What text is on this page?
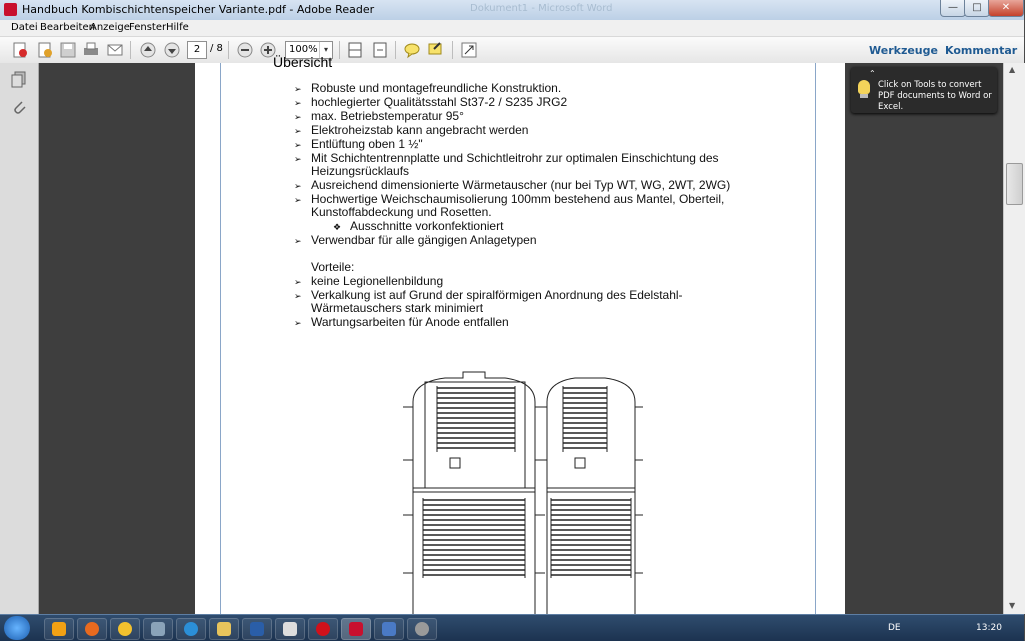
Handbuch Kombischichtenspeicher Variante.pdf - Adobe Reader	Dokument1 - Microsoft Word	—	□	✕
Datei Bearbeiten
Anzeige Fenster Hilfe
2 / 8	100% ▾	Werkzeuge Kommentar
Übersicht
➢ Robuste und montagefreundliche Konstruktion.
➢ hochlegierter Qualitätsstahl St37-2 / S235 JRG2
➢ max. Betriebstemperatur 95°
➢ Elektroheizstab kann angebracht werden
➢ Entlüftung oben 1 ½"
➢ Mit Schichtentrennplatte und Schichtleitrohr zur optimalen Einschichtung des
Heizungsrücklaufs
➢ Ausreichend dimensionierte Wärmetauscher (nur bei Typ WT, WG, 2WT, 2WG)
➢ Hochwertige Weichschaumisolierung 100mm bestehend aus Mantel, Oberteil,
Kunstoffabdeckung und Rosetten.
❖ Ausschnitte vorkonfektioniert
➢ Verwendbar für alle gängigen Anlagetypen
Vorteile:
➢ keine Legionellenbildung
➢ Verkalkung ist auf Grund der spiralförmigen Anordnung des Edelstahl-
Wärmetauschers stark minimiert
➢ Wartungsarbeiten für Anode entfallen
▲
▼
⌃
Click on Tools to convert PDF documents to Word or Excel.
DE	13:20
